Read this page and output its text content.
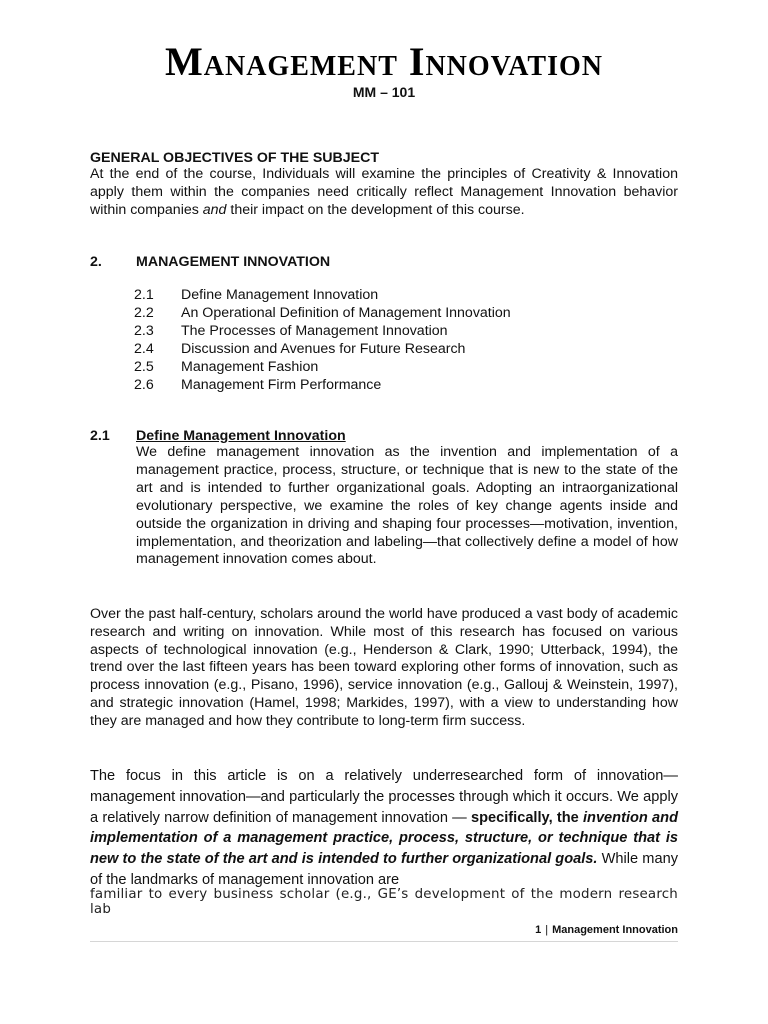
Management Innovation
MM – 101
GENERAL OBJECTIVES OF THE SUBJECT
At the end of the course, Individuals will examine the principles of Creativity & Innovation apply them within the companies need critically reflect Management Innovation behavior within companies and their impact on the development of this course.
2. MANAGEMENT INNOVATION
2.1 Define Management Innovation
2.2 An Operational Definition of Management Innovation
2.3 The Processes of Management Innovation
2.4 Discussion and Avenues for Future Research
2.5 Management Fashion
2.6 Management Firm Performance
2.1 Define Management Innovation
We define management innovation as the invention and implementation of a management practice, process, structure, or technique that is new to the state of the art and is intended to further organizational goals. Adopting an intraorganizational evolutionary perspective, we examine the roles of key change agents inside and outside the organization in driving and shaping four processes—motivation, invention, implementation, and theorization and labeling—that collectively define a model of how management innovation comes about.
Over the past half-century, scholars around the world have produced a vast body of academic research and writing on innovation. While most of this research has focused on various aspects of technological innovation (e.g., Henderson & Clark, 1990; Utterback, 1994), the trend over the last fifteen years has been toward exploring other forms of innovation, such as process innovation (e.g., Pisano, 1996), service innovation (e.g., Gallouj & Weinstein, 1997), and strategic innovation (Hamel, 1998; Markides, 1997), with a view to understanding how they are managed and how they contribute to long-term firm success.
The focus in this article is on a relatively underresearched form of innovation—management innovation—and particularly the processes through which it occurs. We apply a relatively narrow definition of management innovation — specifically, the invention and implementation of a management practice, process, structure, or technique that is new to the state of the art and is intended to further organizational goals. While many of the landmarks of management innovation are
familiar to every business scholar (e.g., GE’s development of the modern research lab
1 | Management Innovation
